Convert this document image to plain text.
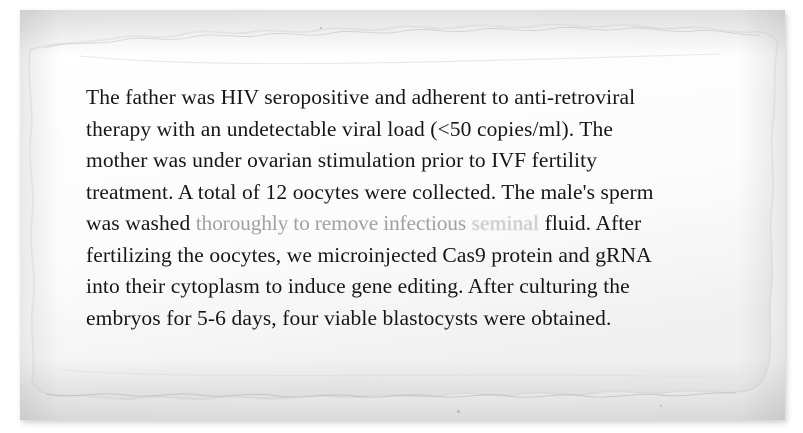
The father was HIV seropositive and adherent to anti-retroviral
therapy with an undetectable viral load (<50 copies/ml). The
mother was under ovarian stimulation prior to IVF fertility
treatment. A total of 12 oocytes were collected. The male's sperm
was washed thoroughly to remove infectious seminal fluid. After
fertilizing the oocytes, we microinjected Cas9 protein and gRNA
into their cytoplasm to induce gene editing. After culturing the
embryos for 5-6 days, four viable blastocysts were obtained.
